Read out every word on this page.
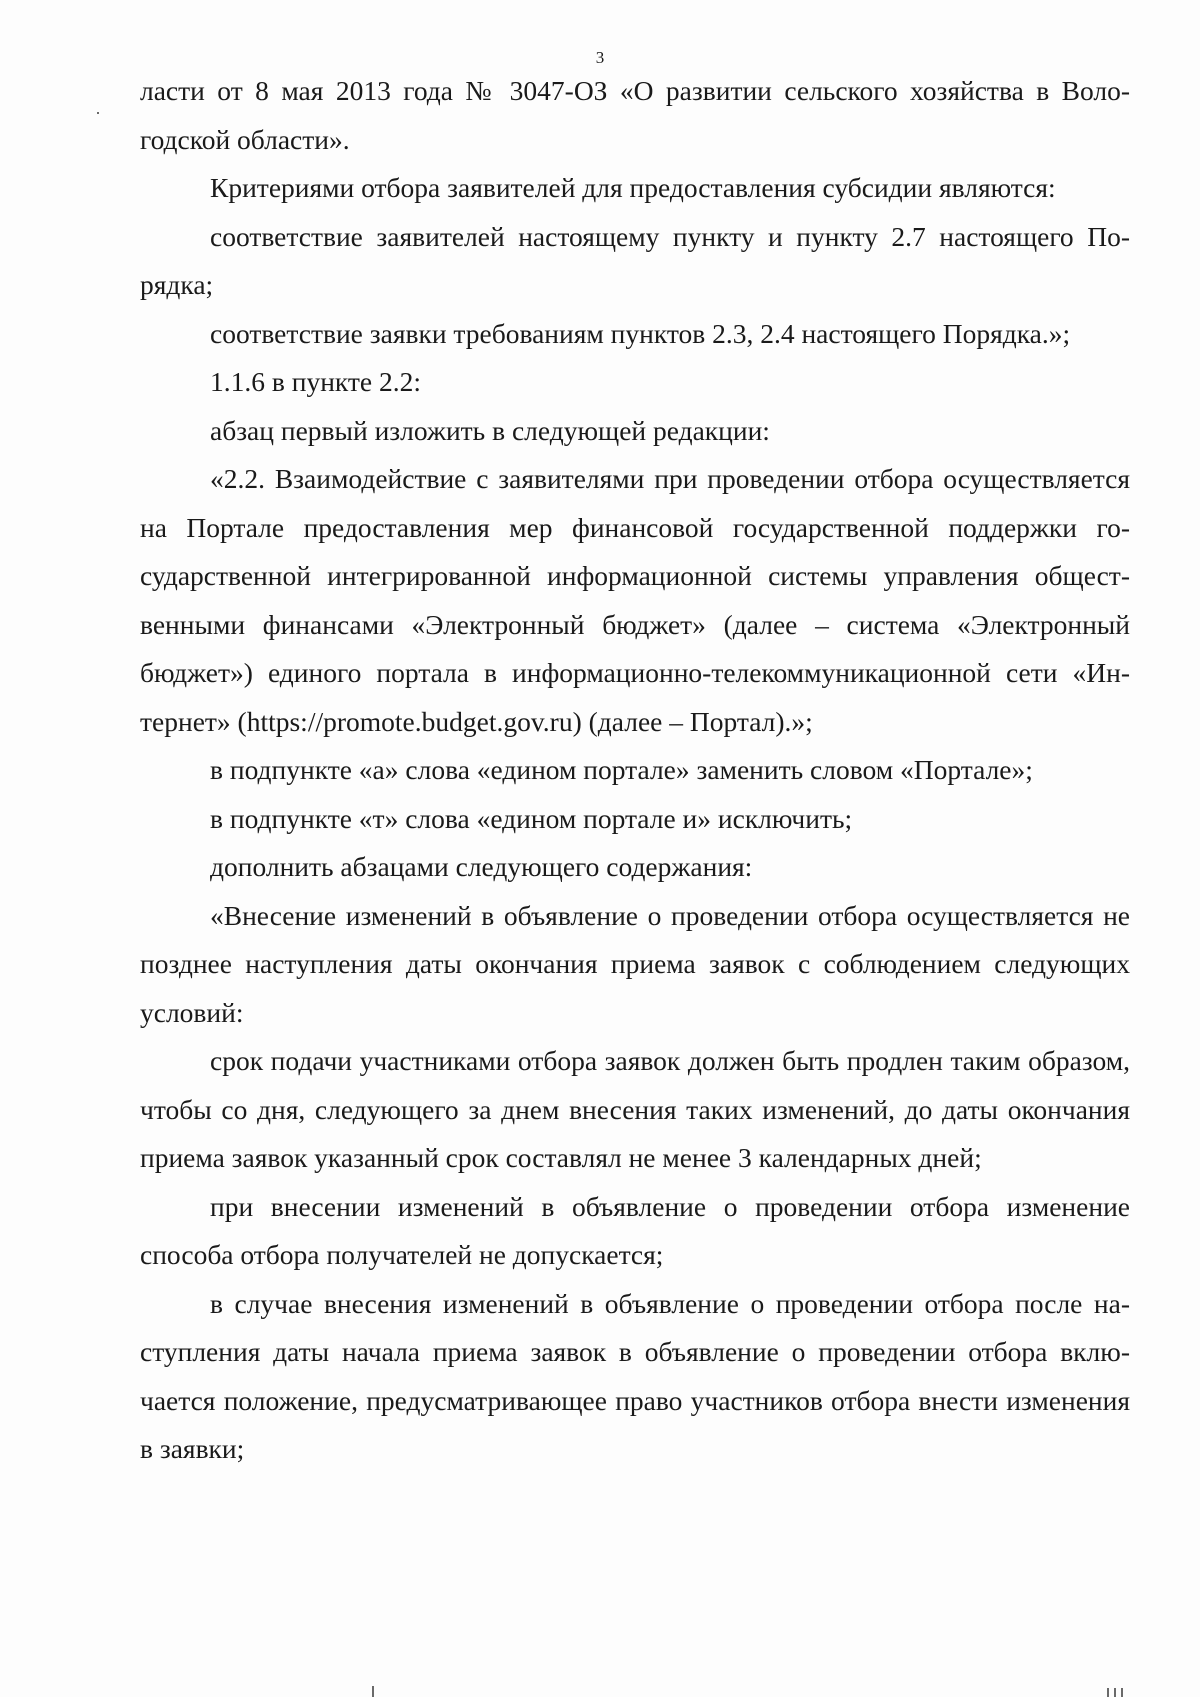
3

ласти от 8 мая 2013 года № 3047-ОЗ «О развитии сельского хозяйства в Вологодской области».

Критериями отбора заявителей для предоставления субсидии являются:

соответствие заявителей настоящему пункту и пункту 2.7 настоящего Порядка;

соответствие заявки требованиям пунктов 2.3, 2.4 настоящего Порядка.»;

1.1.6 в пункте 2.2:

абзац первый изложить в следующей редакции:

«2.2. Взаимодействие с заявителями при проведении отбора осуществляется на Портале предоставления мер финансовой государственной поддержки государственной интегрированной информационной системы управления общественными финансами «Электронный бюджет» (далее – система «Электронный бюджет») единого портала в информационно-телекоммуникационной сети «Интернет» (https://promote.budget.gov.ru) (далее – Портал).»;

в подпункте «а» слова «едином портале» заменить словом «Портале»;

в подпункте «т» слова «едином портале и» исключить;

дополнить абзацами следующего содержания:

«Внесение изменений в объявление о проведении отбора осуществляется не позднее наступления даты окончания приема заявок с соблюдением следующих условий:

срок подачи участниками отбора заявок должен быть продлен таким образом, чтобы со дня, следующего за днем внесения таких изменений, до даты окончания приема заявок указанный срок составлял не менее 3 календарных дней;

при внесении изменений в объявление о проведении отбора изменение способа отбора получателей не допускается;

в случае внесения изменений в объявление о проведении отбора после наступления даты начала приема заявок в объявление о проведении отбора включается положение, предусматривающее право участников отбора внести изменения в заявки;
